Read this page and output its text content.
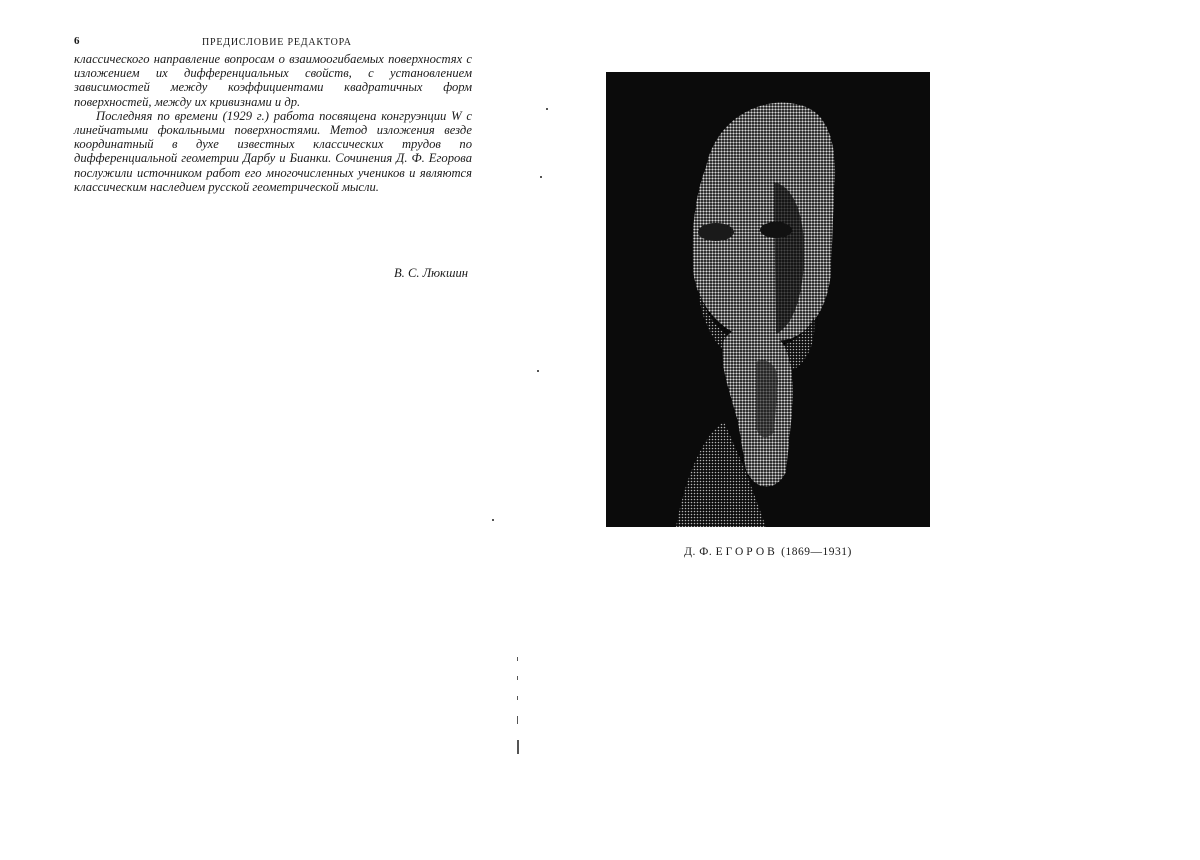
6	ПРЕДИСЛОВИЕ РЕДАКТОРА

классического направление вопросам о взаимоогибаемых поверхностях с изложением их дифференциальных свойств, с установлением зависимостей между коэффициентами квадратичных форм поверхностей, между их кривизнами и др.

Последняя по времени (1929 г.) работа посвящена конгруэнции W с линейчатыми фокальными поверхностями. Метод изложения везде координатный в духе известных классических трудов по дифференциальной геометрии Дарбу и Бианки. Сочинения Д. Ф. Егорова послужили источником работ его многочисленных учеников и являются классическим наследием русской геометрической мысли.

В. С. Люкшин
Д. Ф. ЕГОРОВ (1869—1931)
